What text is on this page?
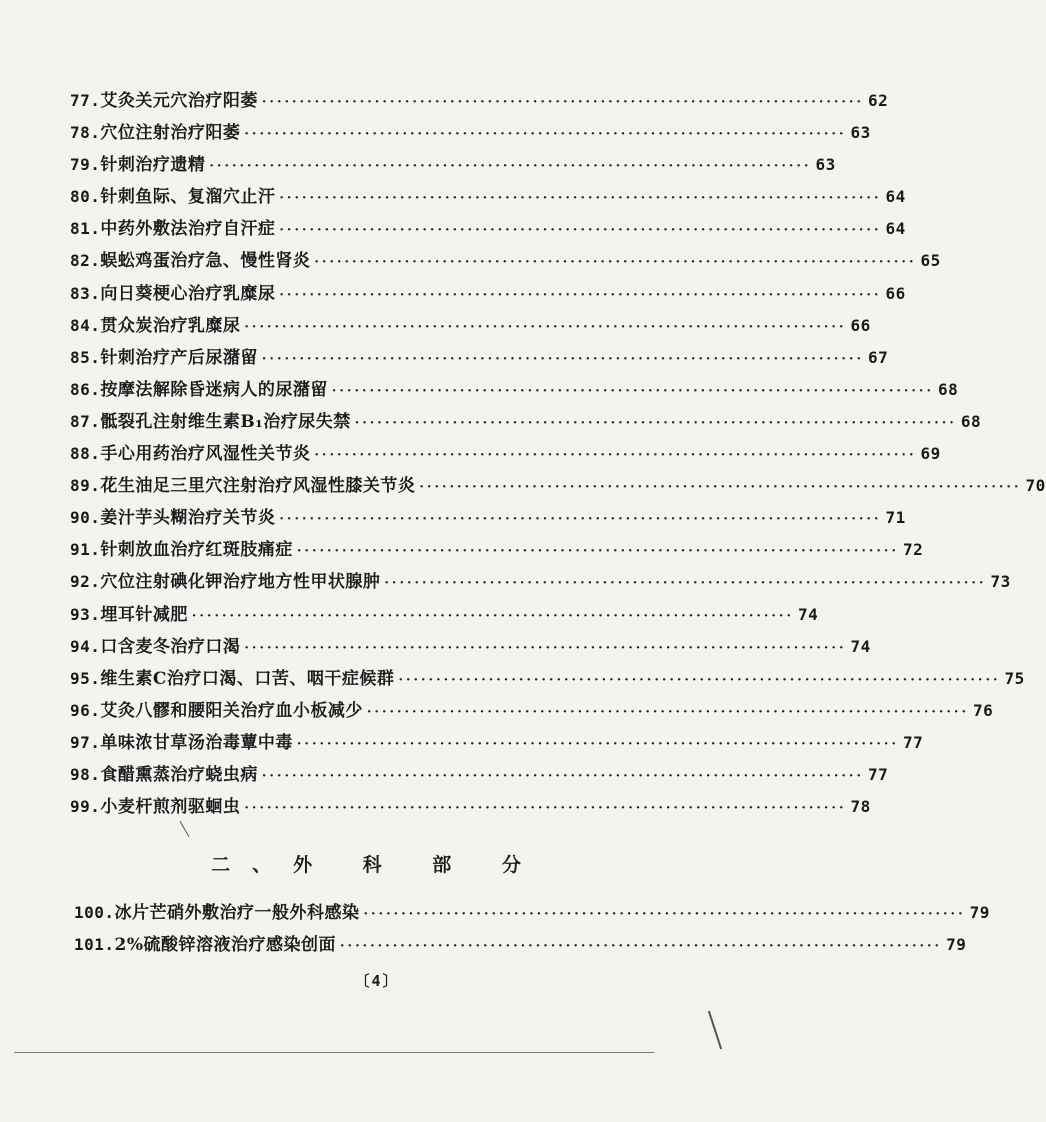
77. 艾灸关元穴治疗阳萎 ················································································ 62
78. 穴位注射治疗阳萎 ················································································ 63
79. 针刺治疗遗精 ················································································ 63
80. 针刺鱼际、复溜穴止汗 ················································································ 64
81. 中药外敷法治疗自汗症 ················································································ 64
82. 蜈蚣鸡蛋治疗急、慢性肾炎 ················································································ 65
83. 向日葵梗心治疗乳糜尿 ················································································ 66
84. 贯众炭治疗乳糜尿 ················································································ 66
85. 针刺治疗产后尿潴留 ················································································ 67
86. 按摩法解除昏迷病人的尿潴留 ················································································ 68
87. 骶裂孔注射维生素B₁治疗尿失禁 ················································································ 68
88. 手心用药治疗风湿性关节炎 ················································································ 69
89. 花生油足三里穴注射治疗风湿性膝关节炎 ················································································ 70
90. 姜汁芋头糊治疗关节炎 ················································································ 71
91. 针刺放血治疗红斑肢痛症 ················································································ 72
92. 穴位注射碘化钾治疗地方性甲状腺肿 ················································································ 73
93. 埋耳针减肥 ················································································ 74
94. 口含麦冬治疗口渴 ················································································ 74
95. 维生素C治疗口渴、口苦、咽干症候群 ················································································ 75
96. 艾灸八髎和腰阳关治疗血小板减少 ················································································ 76
97. 单味浓甘草汤治毒蕈中毒 ················································································ 77
98. 食醋熏蒸治疗蛲虫病 ················································································ 77
99. 小麦杆煎剂驱蛔虫 ················································································ 78
二、外 科 部 分
100. 冰片芒硝外敷治疗一般外科感染 ················································································ 79
101. 2%硫酸锌溶液治疗感染创面 ················································································ 79
〔4〕
